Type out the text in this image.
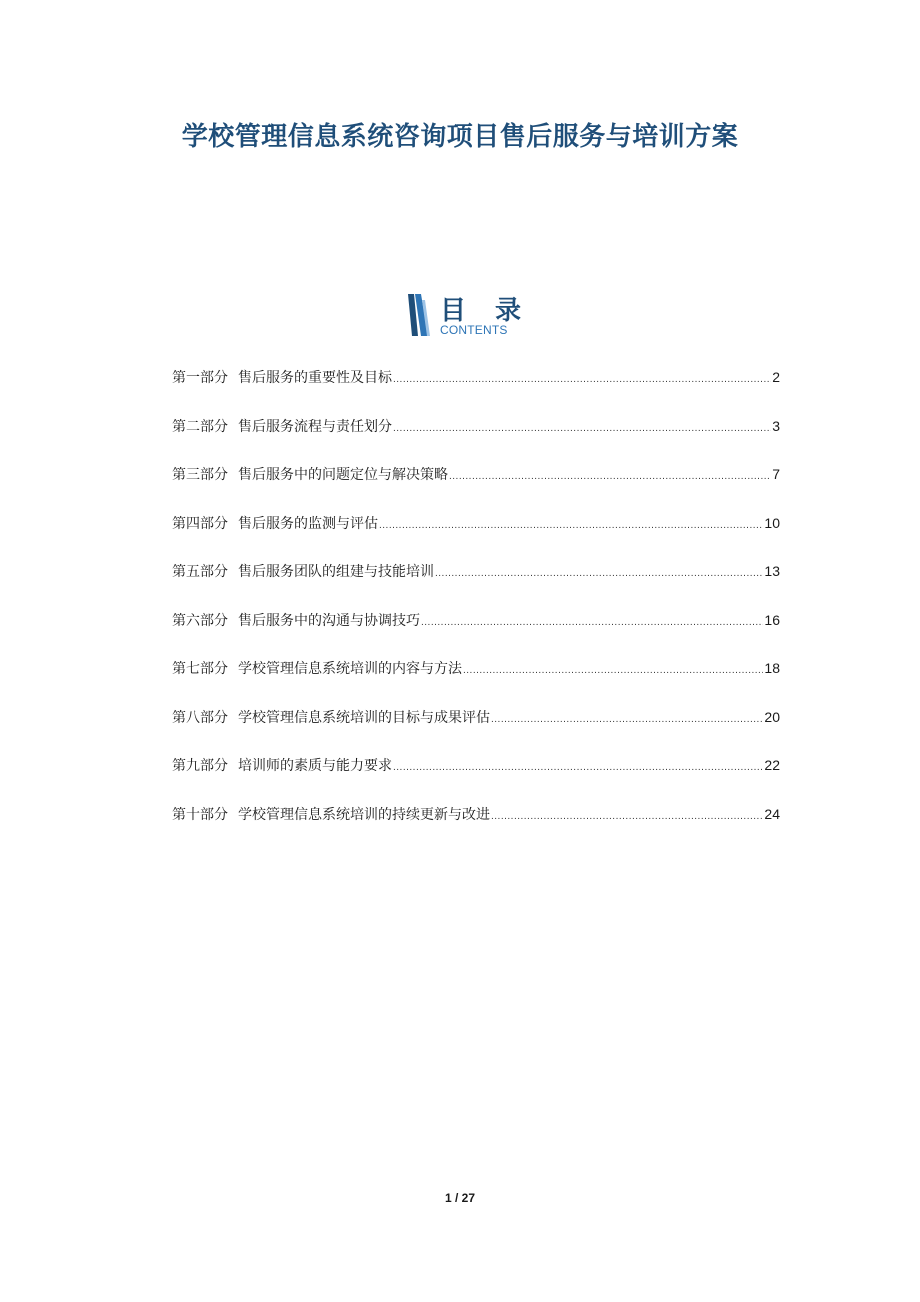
学校管理信息系统咨询项目售后服务与培训方案
目 录
CONTENTS
第一部分 售后服务的重要性及目标 .....	2
第二部分 售后服务流程与责任划分 .....	3
第三部分 售后服务中的问题定位与解决策略 .....	7
第四部分 售后服务的监测与评估 .....	10
第五部分 售后服务团队的组建与技能培训 .....	13
第六部分 售后服务中的沟通与协调技巧 .....	16
第七部分 学校管理信息系统培训的内容与方法 .....	18
第八部分 学校管理信息系统培训的目标与成果评估 .....	20
第九部分 培训师的素质与能力要求 .....	22
第十部分 学校管理信息系统培训的持续更新与改进 .....	24
1 / 27
